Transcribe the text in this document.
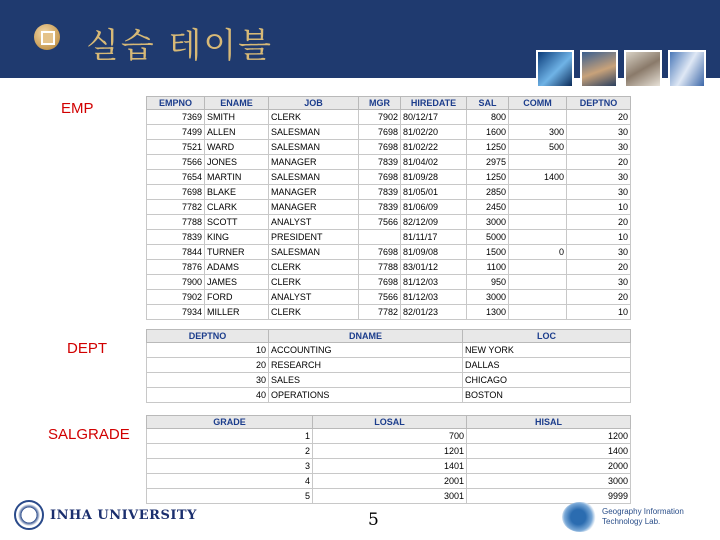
실습 테이블
EMP
DEPT
SALGRADE
EMPNO	ENAME	JOB	MGR	HIREDATE	SAL	COMM	DEPTNO
7369	SMITH	CLERK	7902	80/12/17	800		20
7499	ALLEN	SALESMAN	7698	81/02/20	1600	300	30
7521	WARD	SALESMAN	7698	81/02/22	1250	500	30
7566	JONES	MANAGER	7839	81/04/02	2975		20
7654	MARTIN	SALESMAN	7698	81/09/28	1250	1400	30
7698	BLAKE	MANAGER	7839	81/05/01	2850		30
7782	CLARK	MANAGER	7839	81/06/09	2450		10
7788	SCOTT	ANALYST	7566	82/12/09	3000		20
7839	KING	PRESIDENT		81/11/17	5000		10
7844	TURNER	SALESMAN	7698	81/09/08	1500	0	30
7876	ADAMS	CLERK	7788	83/01/12	1100		20
7900	JAMES	CLERK	7698	81/12/03	950		30
7902	FORD	ANALYST	7566	81/12/03	3000		20
7934	MILLER	CLERK	7782	82/01/23	1300		10
DEPTNO	DNAME	LOC
10	ACCOUNTING	NEW YORK
20	RESEARCH	DALLAS
30	SALES	CHICAGO
40	OPERATIONS	BOSTON
GRADE	LOSAL	HISAL
1	700	1200
2	1201	1400
3	1401	2000
4	2001	3000
5	3001	9999
INHA UNIVERSITY	5	Geography Information
Technology Lab.
